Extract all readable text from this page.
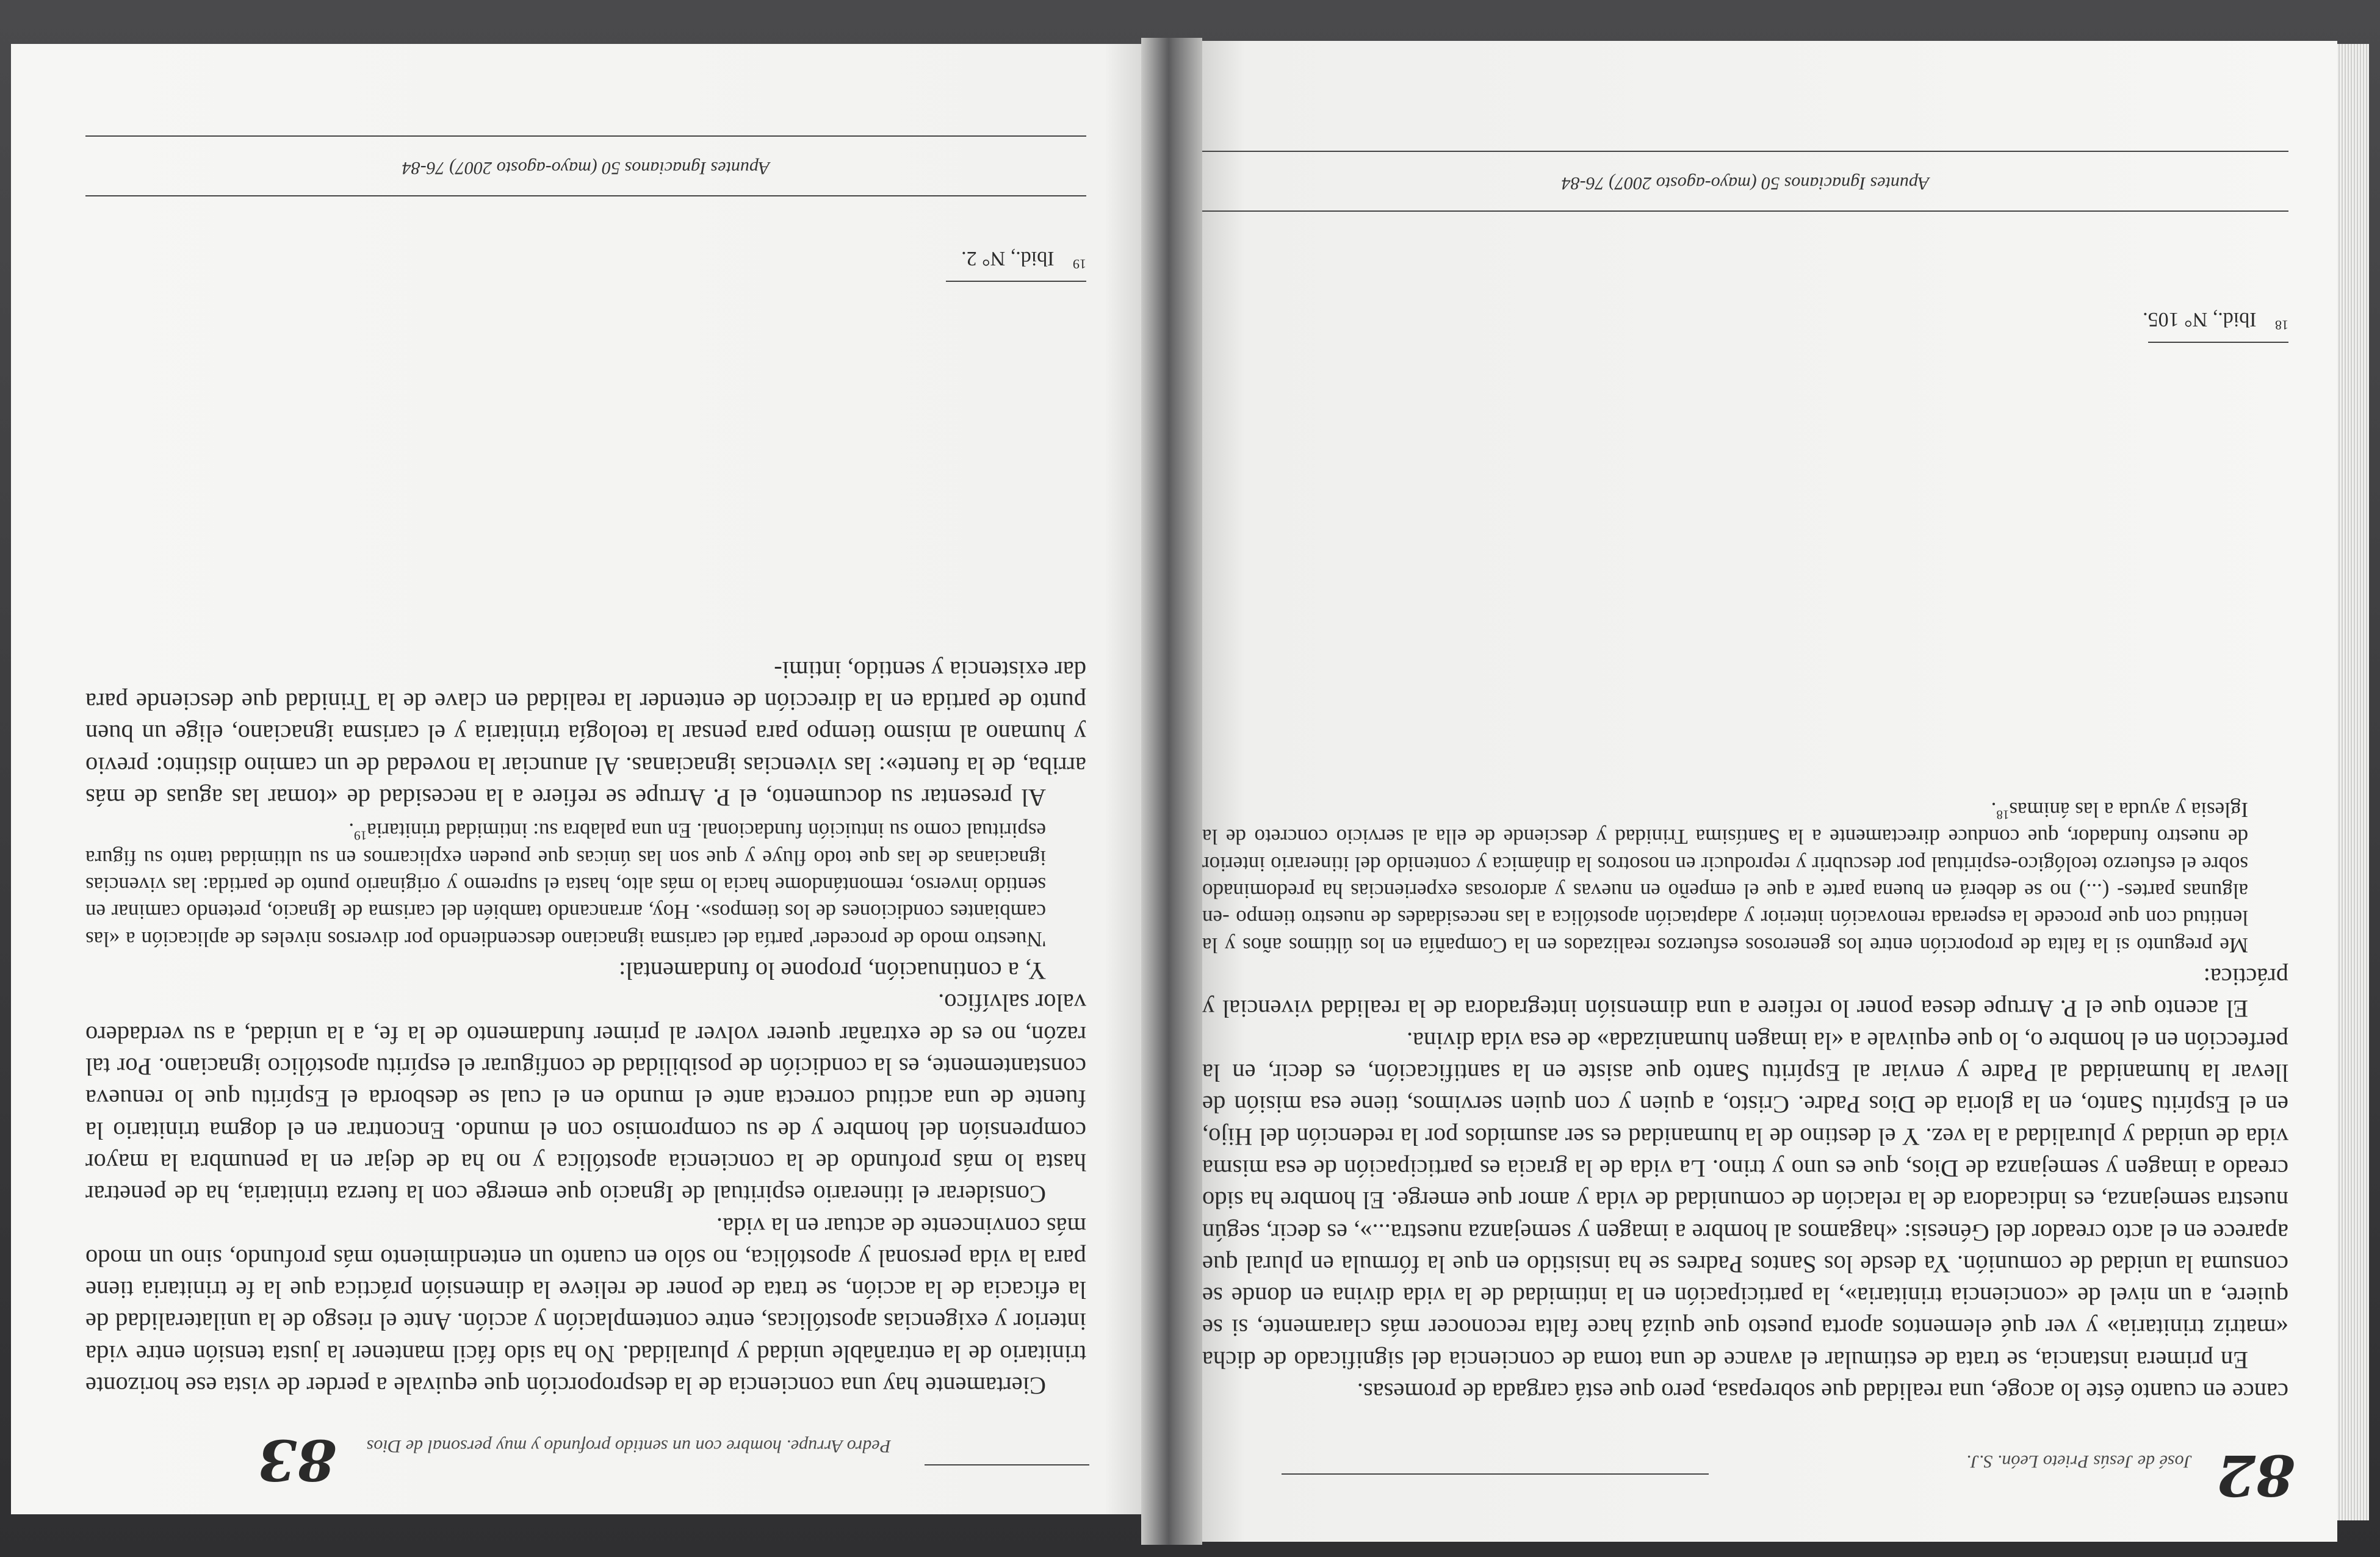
82
José de Jesús Prieto León. S.J.

cance en cuanto éste lo acoge, una realidad que sobrepasa, pero que está cargada de promesas.

En primera instancia, se trata de estimular el avance de una toma de conciencia del significado de dicha «matriz trinitaria» y ver qué elementos aporta puesto que quizá hace falta reconocer más claramente, si se quiere, a un nivel de «conciencia trinitaria», la participación en la intimidad de la vida divina en donde se consuma la unidad de comunión. Ya desde los Santos Padres se ha insistido en que la fórmula en plural que aparece en el acto creador del Génesis: «hagamos al hombre a imagen y semejanza nuestra...», es decir, según nuestra semejanza, es indicadora de la relación de comunidad de vida y amor que emerge. El hombre ha sido creado a imagen y semejanza de Dios, que es uno y trino. La vida de la gracia es participación de esa misma vida de unidad y pluralidad a la vez. Y el destino de la humanidad es ser asumidos por la redención del Hijo, en el Espíritu Santo, en la gloria de Dios Padre. Cristo, a quien y con quien servimos, tiene esa misión de llevar la humanidad al Padre y enviar al Espíritu Santo que asiste en la santificación, es decir, en la perfección en el hombre o, lo que equivale a «la imagen humanizada» de esa vida divina.

El acento que el P. Arrupe desea poner lo refiere a una dimensión integradora de la realidad vivencial y práctica:

Me pregunto si la falta de proporción entre los generosos esfuerzos realizados en la Compañía en los últimos años y la lentitud con que procede la esperada renovación interior y adaptación apostólica a las necesidades de nuestro tiempo -en algunas partes- (...) no se deberá en buena parte a que el empeño en nuevas y ardorosas experiencias ha predominado sobre el esfuerzo teológico-espiritual por descubrir y reproducir en nosotros la dinámica y contenido del itinerario interior de nuestro fundador, que conduce directamente a la Santísima Trinidad y desciende de ella al servicio concreto de la Iglesia y ayuda a las ánimas$^{18}$.

$^{18}$ Ibid., N° 105.
Apuntes Ignacianos 50 (mayo-agosto 2007) 76-84
Pedro Arrupe. hombre con un sentido profundo y muy personal de Dios
83

Ciertamente hay una conciencia de la desproporción que equivale a perder de vista ese horizonte trinitario de la entrañable unidad y pluralidad. No ha sido fácil mantener la justa tensión entre vida interior y exigencias apostólicas, entre contemplación y acción. Ante el riesgo de la unilateralidad de la eficacia de la acción, se trata de poner de relieve la dimensión práctica que la fe trinitaria tiene para la vida personal y apostólica, no sólo en cuanto un entendimiento más profundo, sino un modo más convincente de actuar en la vida.

Considerar el itinerario espiritual de Ignacio que emerge con la fuerza trinitaria, ha de penetrar hasta lo más profundo de la conciencia apostólica y no ha de dejar en la penumbra la mayor comprensión del hombre y de su compromiso con el mundo. Encontrar en el dogma trinitario la fuente de una actitud correcta ante el mundo en el cual se desborda el Espíritu que lo renueva constantemente, es la condición de posibilidad de configurar el espíritu apostólico ignaciano. Por tal razón, no es de extrañar querer volver al primer fundamento de la fe, a la unidad, a su verdadero valor salvífico.

Y, a continuación, propone lo fundamental:

'Nuestro modo de proceder' partía del carisma ignaciano descendiendo por diversos niveles de aplicación a «las cambiantes condiciones de los tiempos». Hoy, arrancando también del carisma de Ignacio, pretendo caminar en sentido inverso, remontándome hacia lo más alto, hasta el supremo y originario punto de partida: las vivencias ignacianas de las que todo fluye y que son las únicas que pueden explicarnos en su ultimidad tanto su figura espiritual como su intuición fundacional. En una palabra su: intimidad trinitaria$^{19}$.

Al presentar su documento, el P. Arrupe se refiere a la necesidad de «tomar las aguas de más arriba, de la fuente»: las vivencias ignacianas. Al anunciar la novedad de un camino distinto: previo y humano al mismo tiempo para pensar la teología trinitaria y el carisma ignaciano, elige un buen punto de partida en la dirección de entender la realidad en clave de la Trinidad que desciende para dar existencia y sentido, intimi-

$^{19}$ Ibid., N° 2.
Apuntes Ignacianos 50 (mayo-agosto 2007) 76-84
